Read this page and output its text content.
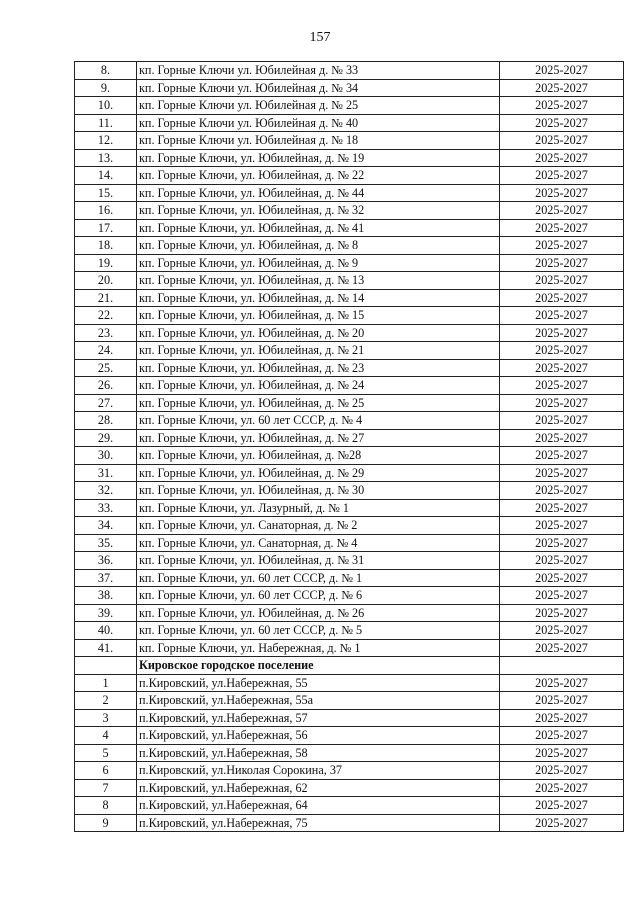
157
8.	кп. Горные Ключи ул. Юбилейная д. № 33	2025-2027
9.	кп. Горные Ключи ул. Юбилейная д. № 34	2025-2027
10.	кп. Горные Ключи ул. Юбилейная д. № 25	2025-2027
11.	кп. Горные Ключи ул. Юбилейная д. № 40	2025-2027
12.	кп. Горные Ключи ул. Юбилейная д. № 18	2025-2027
13.	кп. Горные Ключи, ул. Юбилейная, д. № 19	2025-2027
14.	кп. Горные Ключи, ул. Юбилейная, д. № 22	2025-2027
15.	кп. Горные Ключи, ул. Юбилейная, д. № 44	2025-2027
16.	кп. Горные Ключи, ул. Юбилейная, д. № 32	2025-2027
17.	кп. Горные Ключи, ул. Юбилейная, д. № 41	2025-2027
18.	кп. Горные Ключи, ул. Юбилейная, д. № 8	2025-2027
19.	кп. Горные Ключи, ул. Юбилейная, д. № 9	2025-2027
20.	кп. Горные Ключи, ул. Юбилейная, д. № 13	2025-2027
21.	кп. Горные Ключи, ул. Юбилейная, д. № 14	2025-2027
22.	кп. Горные Ключи, ул. Юбилейная, д. № 15	2025-2027
23.	кп. Горные Ключи, ул. Юбилейная, д. № 20	2025-2027
24.	кп. Горные Ключи, ул. Юбилейная, д. № 21	2025-2027
25.	кп. Горные Ключи, ул. Юбилейная, д. № 23	2025-2027
26.	кп. Горные Ключи, ул. Юбилейная, д. № 24	2025-2027
27.	кп. Горные Ключи, ул. Юбилейная, д. № 25	2025-2027
28.	кп. Горные Ключи, ул. 60 лет СССР, д. № 4	2025-2027
29.	кп. Горные Ключи, ул. Юбилейная, д. № 27	2025-2027
30.	кп. Горные Ключи, ул. Юбилейная, д. №28	2025-2027
31.	кп. Горные Ключи, ул. Юбилейная, д. № 29	2025-2027
32.	кп. Горные Ключи, ул. Юбилейная, д. № 30	2025-2027
33.	кп. Горные Ключи, ул. Лазурный, д. № 1	2025-2027
34.	кп. Горные Ключи, ул. Санаторная, д. № 2	2025-2027
35.	кп. Горные Ключи, ул. Санаторная, д. № 4	2025-2027
36.	кп. Горные Ключи, ул. Юбилейная, д. № 31	2025-2027
37.	кп. Горные Ключи, ул. 60 лет СССР, д. № 1	2025-2027
38.	кп. Горные Ключи, ул. 60 лет СССР, д. № 6	2025-2027
39.	кп. Горные Ключи, ул. Юбилейная, д. № 26	2025-2027
40.	кп. Горные Ключи, ул. 60 лет СССР, д. № 5	2025-2027
41.	кп. Горные Ключи, ул. Набережная, д. № 1	2025-2027
	Кировское городское поселение	
1	п.Кировский, ул.Набережная, 55	2025-2027
2	п.Кировский, ул.Набережная, 55а	2025-2027
3	п.Кировский, ул.Набережная, 57	2025-2027
4	п.Кировский, ул.Набережная, 56	2025-2027
5	п.Кировский, ул.Набережная, 58	2025-2027
6	п.Кировский, ул.Николая Сорокина, 37	2025-2027
7	п.Кировский, ул.Набережная, 62	2025-2027
8	п.Кировский, ул.Набережная, 64	2025-2027
9	п.Кировский, ул.Набережная, 75	2025-2027
